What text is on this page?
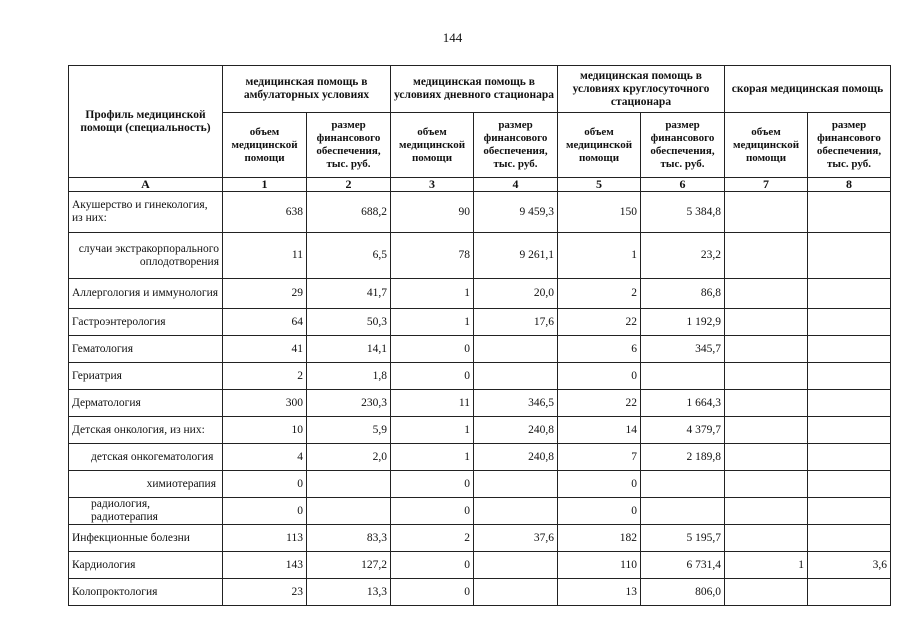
144
Профиль медицинской помощи (специальность)	медицинская помощь в амбулаторных условиях		медицинская помощь в условиях дневного стационара		медицинская помощь в условиях круглосуточного стационара		скорая медицинская помощь	
	объем медицинской помощи	размер финансового обеспечения, тыс. руб.	объем медицинской помощи	размер финансового обеспечения, тыс. руб.	объем медицинской помощи	размер финансового обеспечения, тыс. руб.	объем медицинской помощи	размер финансового обеспечения, тыс. руб.
А	1	2	3	4	5	6	7	8
Акушерство и гинекология, из них:	638	688,2	90	9 459,3	150	5 384,8		
случаи экстракорпорального оплодотворения	11	6,5	78	9 261,1	1	23,2		
Аллергология и иммунология	29	41,7	1	20,0	2	86,8		
Гастроэнтерология	64	50,3	1	17,6	22	1 192,9		
Гематология	41	14,1	0		6	345,7		
Гериатрия	2	1,8	0		0			
Дерматология	300	230,3	11	346,5	22	1 664,3		
Детская онкология, из них:	10	5,9	1	240,8	14	4 379,7		
детская онкогематология	4	2,0	1	240,8	7	2 189,8		
химиотерапия	0		0		0			
радиология, радиотерапия	0		0		0			
Инфекционные болезни	113	83,3	2	37,6	182	5 195,7		
Кардиология	143	127,2	0		110	6 731,4	1	3,6
Колопроктология	23	13,3	0		13	806,0		
